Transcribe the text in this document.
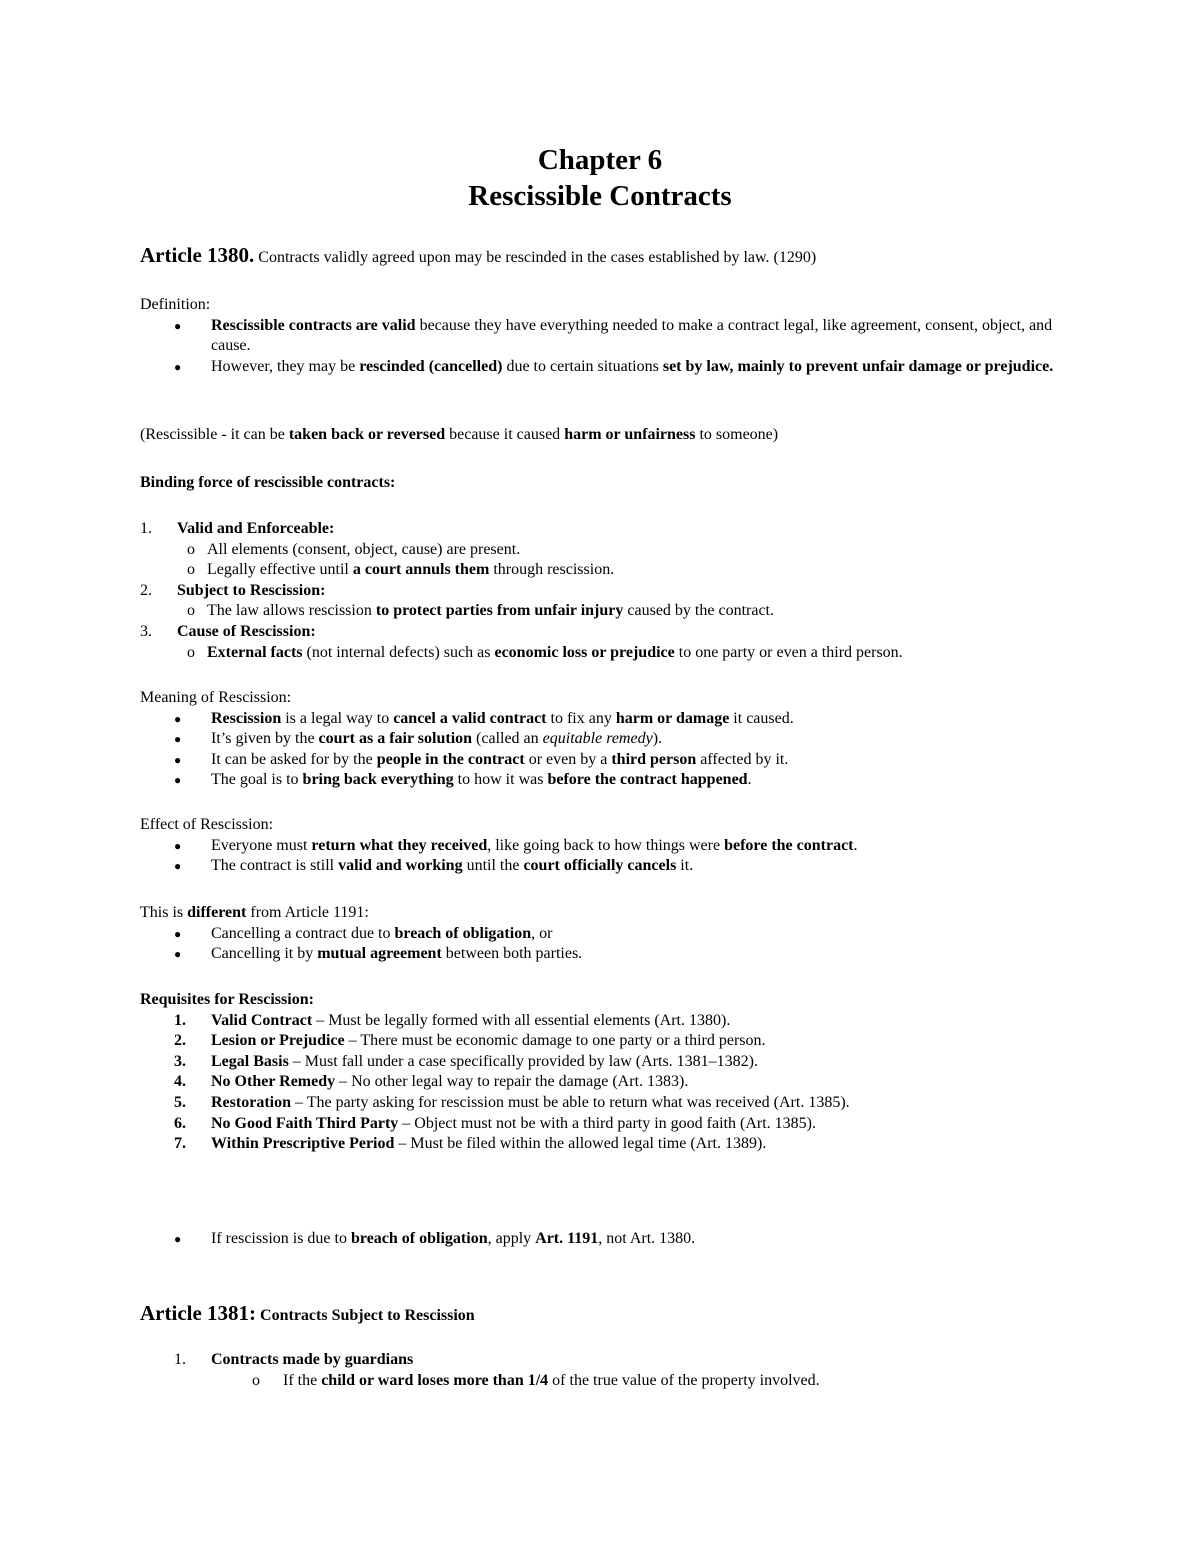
Chapter 6
Rescissible Contracts
Article 1380. Contracts validly agreed upon may be rescinded in the cases established by law. (1290)
Definition:
● Rescissible contracts are valid because they have everything needed to make a contract legal, like agreement, consent, object, and cause.
● However, they may be rescinded (cancelled) due to certain situations set by law, mainly to prevent unfair damage or prejudice.
(Rescissible - it can be taken back or reversed because it caused harm or unfairness to someone)
Binding force of rescissible contracts:
1. Valid and Enforceable:
o All elements (consent, object, cause) are present.
o Legally effective until a court annuls them through rescission.
2. Subject to Rescission:
o The law allows rescission to protect parties from unfair injury caused by the contract.
3. Cause of Rescission:
o External facts (not internal defects) such as economic loss or prejudice to one party or even a third person.
Meaning of Rescission:
● Rescission is a legal way to cancel a valid contract to fix any harm or damage it caused.
● It’s given by the court as a fair solution (called an equitable remedy).
● It can be asked for by the people in the contract or even by a third person affected by it.
● The goal is to bring back everything to how it was before the contract happened.
Effect of Rescission:
● Everyone must return what they received, like going back to how things were before the contract.
● The contract is still valid and working until the court officially cancels it.
This is different from Article 1191:
● Cancelling a contract due to breach of obligation, or
● Cancelling it by mutual agreement between both parties.
Requisites for Rescission:
1. Valid Contract – Must be legally formed with all essential elements (Art. 1380).
2. Lesion or Prejudice – There must be economic damage to one party or a third person.
3. Legal Basis – Must fall under a case specifically provided by law (Arts. 1381–1382).
4. No Other Remedy – No other legal way to repair the damage (Art. 1383).
5. Restoration – The party asking for rescission must be able to return what was received (Art. 1385).
6. No Good Faith Third Party – Object must not be with a third party in good faith (Art. 1385).
7. Within Prescriptive Period – Must be filed within the allowed legal time (Art. 1389).
● If rescission is due to breach of obligation, apply Art. 1191, not Art. 1380.
Article 1381: Contracts Subject to Rescission
1. Contracts made by guardians
o If the child or ward loses more than 1/4 of the true value of the property involved.
